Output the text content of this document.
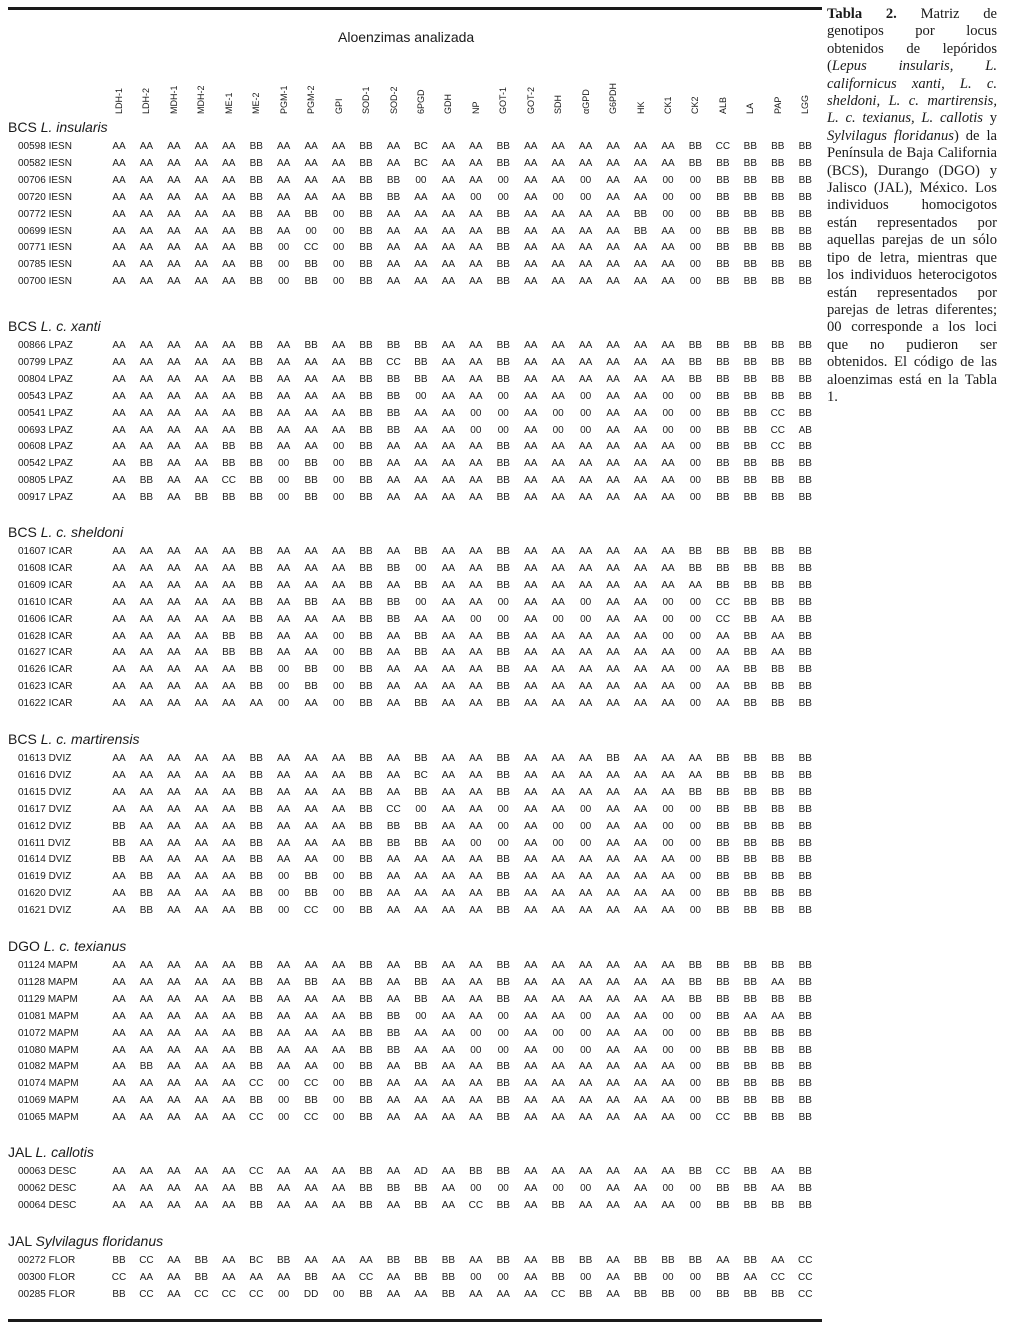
Aloenzimas analizada
LDH-1 LDH-2 MDH-1 MDH-2 ME-1 ME-2 PGM-1 PGM-2 GPI SOD-1 SOD-2 6PGD GDH NP GOT-1 GOT-2 SDH αGPD G6PDH HK CK1 CK2 ALB LA PAP LGG
BCS L. insularis
00598 IESN	AA	AA	AA	AA	AA	BB	AA	AA	AA	BB	AA	BC	AA	AA	BB	AA	AA	AA	AA	AA	AA	BB	CC	BB	BB	BB
00582 IESN	AA	AA	AA	AA	AA	BB	AA	AA	AA	BB	AA	BC	AA	AA	BB	AA	AA	AA	AA	AA	AA	BB	BB	BB	BB	BB
00706 IESN	AA	AA	AA	AA	AA	BB	AA	AA	AA	BB	BB	00	AA	AA	00	AA	AA	00	AA	AA	00	00	BB	BB	BB	BB
00720 IESN	AA	AA	AA	AA	AA	BB	AA	AA	AA	BB	BB	AA	AA	00	00	AA	00	00	AA	AA	00	00	BB	BB	BB	BB
00772 IESN	AA	AA	AA	AA	AA	BB	AA	BB	00	BB	AA	AA	AA	AA	BB	AA	AA	AA	AA	BB	00	00	BB	BB	BB	BB
00699 IESN	AA	AA	AA	AA	AA	BB	AA	00	00	BB	AA	AA	AA	AA	BB	AA	AA	AA	AA	BB	AA	00	BB	BB	BB	BB
00771 IESN	AA	AA	AA	AA	AA	BB	00	CC	00	BB	AA	AA	AA	AA	BB	AA	AA	AA	AA	AA	AA	00	BB	BB	BB	BB
00785 IESN	AA	AA	AA	AA	AA	BB	00	BB	00	BB	AA	AA	AA	AA	BB	AA	AA	AA	AA	AA	AA	00	BB	BB	BB	BB
00700 IESN	AA	AA	AA	AA	AA	BB	00	BB	00	BB	AA	AA	AA	AA	BB	AA	AA	AA	AA	AA	AA	00	BB	BB	BB	BB
BCS L. c. xanti
00866 LPAZ	AA	AA	AA	AA	AA	BB	AA	BB	AA	BB	BB	BB	AA	AA	BB	AA	AA	AA	AA	AA	AA	BB	BB	BB	BB	BB
00799 LPAZ	AA	AA	AA	AA	AA	BB	AA	AA	AA	BB	CC	BB	AA	AA	BB	AA	AA	AA	AA	AA	AA	BB	BB	BB	BB	BB
00804 LPAZ	AA	AA	AA	AA	AA	BB	AA	AA	AA	BB	BB	BB	AA	AA	BB	AA	AA	AA	AA	AA	AA	BB	BB	BB	BB	BB
00543 LPAZ	AA	AA	AA	AA	AA	BB	AA	AA	AA	BB	BB	00	AA	AA	00	AA	AA	00	AA	AA	00	00	BB	BB	BB	BB
00541 LPAZ	AA	AA	AA	AA	AA	BB	AA	AA	AA	BB	BB	AA	AA	00	00	AA	00	00	AA	AA	00	00	BB	BB	CC	BB
00693 LPAZ	AA	AA	AA	AA	AA	BB	AA	AA	AA	BB	BB	AA	AA	00	00	AA	00	00	AA	AA	00	00	BB	BB	CC	AB
00608 LPAZ	AA	AA	AA	AA	BB	BB	AA	AA	00	BB	AA	AA	AA	AA	BB	AA	AA	AA	AA	AA	AA	00	BB	BB	CC	BB
00542 LPAZ	AA	BB	AA	AA	BB	BB	00	BB	00	BB	AA	AA	AA	AA	BB	AA	AA	AA	AA	AA	AA	00	BB	BB	BB	BB
00805 LPAZ	AA	BB	AA	AA	CC	BB	00	BB	00	BB	AA	AA	AA	AA	BB	AA	AA	AA	AA	AA	AA	00	BB	BB	BB	BB
00917 LPAZ	AA	BB	AA	BB	BB	BB	00	BB	00	BB	AA	AA	AA	AA	BB	AA	AA	AA	AA	AA	AA	00	BB	BB	BB	BB
BCS L. c. sheldoni
01607 ICAR	AA	AA	AA	AA	AA	BB	AA	AA	AA	BB	AA	BB	AA	AA	BB	AA	AA	AA	AA	AA	AA	BB	BB	BB	BB	BB
01608 ICAR	AA	AA	AA	AA	AA	BB	AA	AA	AA	BB	BB	00	AA	AA	BB	AA	AA	AA	AA	AA	AA	BB	BB	BB	BB	BB
01609 ICAR	AA	AA	AA	AA	AA	BB	AA	AA	AA	BB	AA	BB	AA	AA	BB	AA	AA	AA	AA	AA	AA	AA	BB	BB	BB	BB
01610 ICAR	AA	AA	AA	AA	AA	BB	AA	BB	AA	BB	BB	00	AA	AA	00	AA	AA	00	AA	AA	00	00	CC	BB	BB	BB
01606 ICAR	AA	AA	AA	AA	AA	BB	AA	AA	AA	BB	BB	AA	AA	00	00	AA	00	00	AA	AA	00	00	CC	BB	AA	BB
01628 ICAR	AA	AA	AA	AA	BB	BB	AA	AA	00	BB	AA	BB	AA	AA	BB	AA	AA	AA	AA	AA	00	00	AA	BB	AA	BB
01627 ICAR	AA	AA	AA	AA	BB	BB	AA	AA	00	BB	AA	BB	AA	AA	BB	AA	AA	AA	AA	AA	AA	00	AA	BB	AA	BB
01626 ICAR	AA	AA	AA	AA	AA	BB	00	BB	00	BB	AA	AA	AA	AA	BB	AA	AA	AA	AA	AA	AA	00	AA	BB	BB	BB
01623 ICAR	AA	AA	AA	AA	AA	BB	00	BB	00	BB	AA	AA	AA	AA	BB	AA	AA	AA	AA	AA	AA	00	AA	BB	BB	BB
01622 ICAR	AA	AA	AA	AA	AA	AA	00	AA	00	BB	AA	BB	AA	AA	BB	AA	AA	AA	AA	AA	AA	00	AA	BB	BB	BB
BCS L. c. martirensis
01613 DVIZ	AA	AA	AA	AA	AA	BB	AA	AA	AA	BB	AA	BB	AA	AA	BB	AA	AA	AA	BB	AA	AA	AA	BB	BB	BB	BB
01616 DVIZ	AA	AA	AA	AA	AA	BB	AA	AA	AA	BB	AA	BC	AA	AA	BB	AA	AA	AA	AA	AA	AA	AA	BB	BB	BB	BB
01615 DVIZ	AA	AA	AA	AA	AA	BB	AA	AA	AA	BB	AA	BB	AA	AA	BB	AA	AA	AA	AA	AA	AA	BB	BB	BB	BB	BB
01617 DVIZ	AA	AA	AA	AA	AA	BB	AA	AA	AA	BB	CC	00	AA	AA	00	AA	AA	00	AA	AA	00	00	BB	BB	BB	BB
01612 DVIZ	BB	AA	AA	AA	AA	BB	AA	AA	AA	BB	BB	BB	AA	AA	00	AA	00	00	AA	AA	00	00	BB	BB	BB	BB
01611 DVIZ	BB	AA	AA	AA	AA	BB	AA	AA	AA	BB	BB	BB	AA	00	00	AA	00	00	AA	AA	00	00	BB	BB	BB	BB
01614 DVIZ	BB	AA	AA	AA	AA	BB	AA	AA	00	BB	AA	AA	AA	AA	BB	AA	AA	AA	AA	AA	AA	00	BB	BB	BB	BB
01619 DVIZ	AA	BB	AA	AA	AA	BB	00	BB	00	BB	AA	AA	AA	AA	BB	AA	AA	AA	AA	AA	AA	00	BB	BB	BB	BB
01620 DVIZ	AA	BB	AA	AA	AA	BB	00	BB	00	BB	AA	AA	AA	AA	BB	AA	AA	AA	AA	AA	AA	00	BB	BB	BB	BB
01621 DVIZ	AA	BB	AA	AA	AA	BB	00	CC	00	BB	AA	AA	AA	AA	BB	AA	AA	AA	AA	AA	AA	00	BB	BB	BB	BB
DGO L. c. texianus
01124 MAPM	AA	AA	AA	AA	AA	BB	AA	AA	AA	BB	AA	BB	AA	AA	BB	AA	AA	AA	AA	AA	AA	BB	BB	BB	BB	BB
01128 MAPM	AA	AA	AA	AA	AA	BB	AA	BB	AA	BB	AA	BB	AA	AA	BB	AA	AA	AA	AA	AA	AA	BB	BB	BB	AA	BB
01129 MAPM	AA	AA	AA	AA	AA	BB	AA	AA	AA	BB	AA	BB	AA	AA	BB	AA	AA	AA	AA	AA	AA	BB	BB	BB	BB	BB
01081 MAPM	AA	AA	AA	AA	AA	BB	AA	AA	AA	BB	BB	00	AA	AA	00	AA	AA	00	AA	AA	00	00	BB	AA	AA	BB
01072 MAPM	AA	AA	AA	AA	AA	BB	AA	AA	AA	BB	BB	AA	AA	00	00	AA	00	00	AA	AA	00	00	BB	BB	BB	BB
01080 MAPM	AA	AA	AA	AA	AA	BB	AA	AA	AA	BB	BB	AA	AA	00	00	AA	00	00	AA	AA	00	00	BB	BB	BB	BB
01082 MAPM	AA	BB	AA	AA	AA	BB	AA	AA	00	BB	AA	BB	AA	AA	BB	AA	AA	AA	AA	AA	AA	00	BB	BB	BB	BB
01074 MAPM	AA	AA	AA	AA	AA	CC	00	CC	00	BB	AA	AA	AA	AA	BB	AA	AA	AA	AA	AA	AA	00	BB	BB	BB	BB
01069 MAPM	AA	AA	AA	AA	AA	BB	00	BB	00	BB	AA	AA	AA	AA	BB	AA	AA	AA	AA	AA	AA	00	BB	BB	BB	BB
01065 MAPM	AA	AA	AA	AA	AA	CC	00	CC	00	BB	AA	AA	AA	AA	BB	AA	AA	AA	AA	AA	AA	00	CC	BB	BB	BB
JAL L. callotis
00063 DESC	AA	AA	AA	AA	AA	CC	AA	AA	AA	BB	AA	AD	AA	BB	BB	AA	AA	AA	AA	AA	AA	BB	CC	BB	AA	BB
00062 DESC	AA	AA	AA	AA	AA	BB	AA	AA	AA	BB	BB	BB	AA	00	00	AA	00	00	AA	AA	00	00	BB	BB	AA	BB
00064 DESC	AA	AA	AA	AA	AA	BB	AA	AA	AA	BB	AA	BB	AA	CC	BB	AA	BB	AA	AA	AA	AA	00	BB	BB	BB	BB
JAL Sylvilagus floridanus
00272 FLOR	BB	CC	AA	BB	AA	BC	BB	AA	AA	AA	BB	BB	BB	AA	BB	AA	BB	BB	AA	BB	BB	BB	AA	BB	AA	CC
00300 FLOR	CC	AA	AA	BB	AA	AA	AA	BB	AA	CC	AA	BB	BB	00	00	AA	BB	00	AA	BB	00	00	BB	AA	CC CC
00285 FLOR	BB	CC	AA	CC CC CC	00	DD	00	BB	AA	AA	BB	AA	AA	AA	CC	BB	AA	BB	BB	00	BB	BB	BB	CC
Tabla 2. Matriz de genotipos por locus obtenidos de lepóridos (Lepus insularis, L. californicus xanti, L. c. sheldoni, L. c. martirensis, L. c. texianus, L. callotis y Sylvilagus floridanus) de la Península de Baja California (BCS), Durango (DGO) y Jalisco (JAL), México. Los individuos homocigotos están representados por aquellas parejas de un sólo tipo de letra, mientras que los individuos heterocigotos están representados por parejas de letras diferentes; 00 corresponde a los loci que no pudieron ser obtenidos. El código de las aloenzimas está en la Tabla 1.
